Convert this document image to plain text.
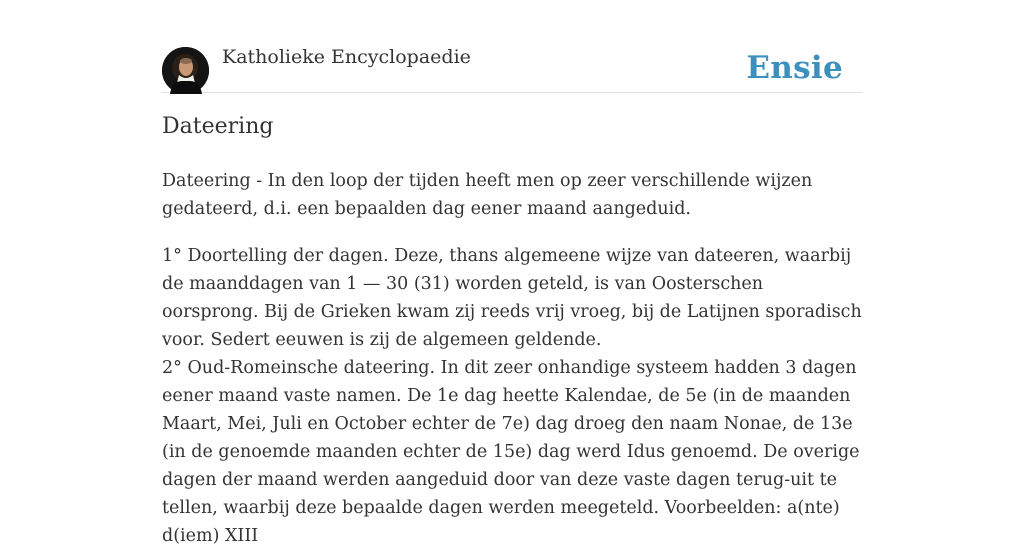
Katholieke Encyclopaedie	Ensie
Dateering

Dateering - In den loop der tijden heeft men op zeer verschillende wijzen gedateerd, d.i. een bepaalden dag eener maand aangeduid.

1° Doortelling der dagen. Deze, thans algemeene wijze van dateeren, waarbij de maanddagen van 1 — 30 (31) worden geteld, is van Oosterschen oorsprong. Bij de Grieken kwam zij reeds vrij vroeg, bij de Latijnen sporadisch voor. Sedert eeuwen is zij de algemeen geldende.

2° Oud-Romeinsche dateering. In dit zeer onhandige systeem hadden 3 dagen eener maand vaste namen. De 1e dag heette Kalendae, de 5e (in de maanden Maart, Mei, Juli en October echter de 7e) dag droeg den naam Nonae, de 13e (in de genoemde maanden echter de 15e) dag werd Idus genoemd. De overige dagen der maand werden aangeduid door van deze vaste dagen terug-uit te tellen, waarbij deze bepaalde dagen werden meegeteld. Voorbeelden: a(nte) d(iem) XIII
